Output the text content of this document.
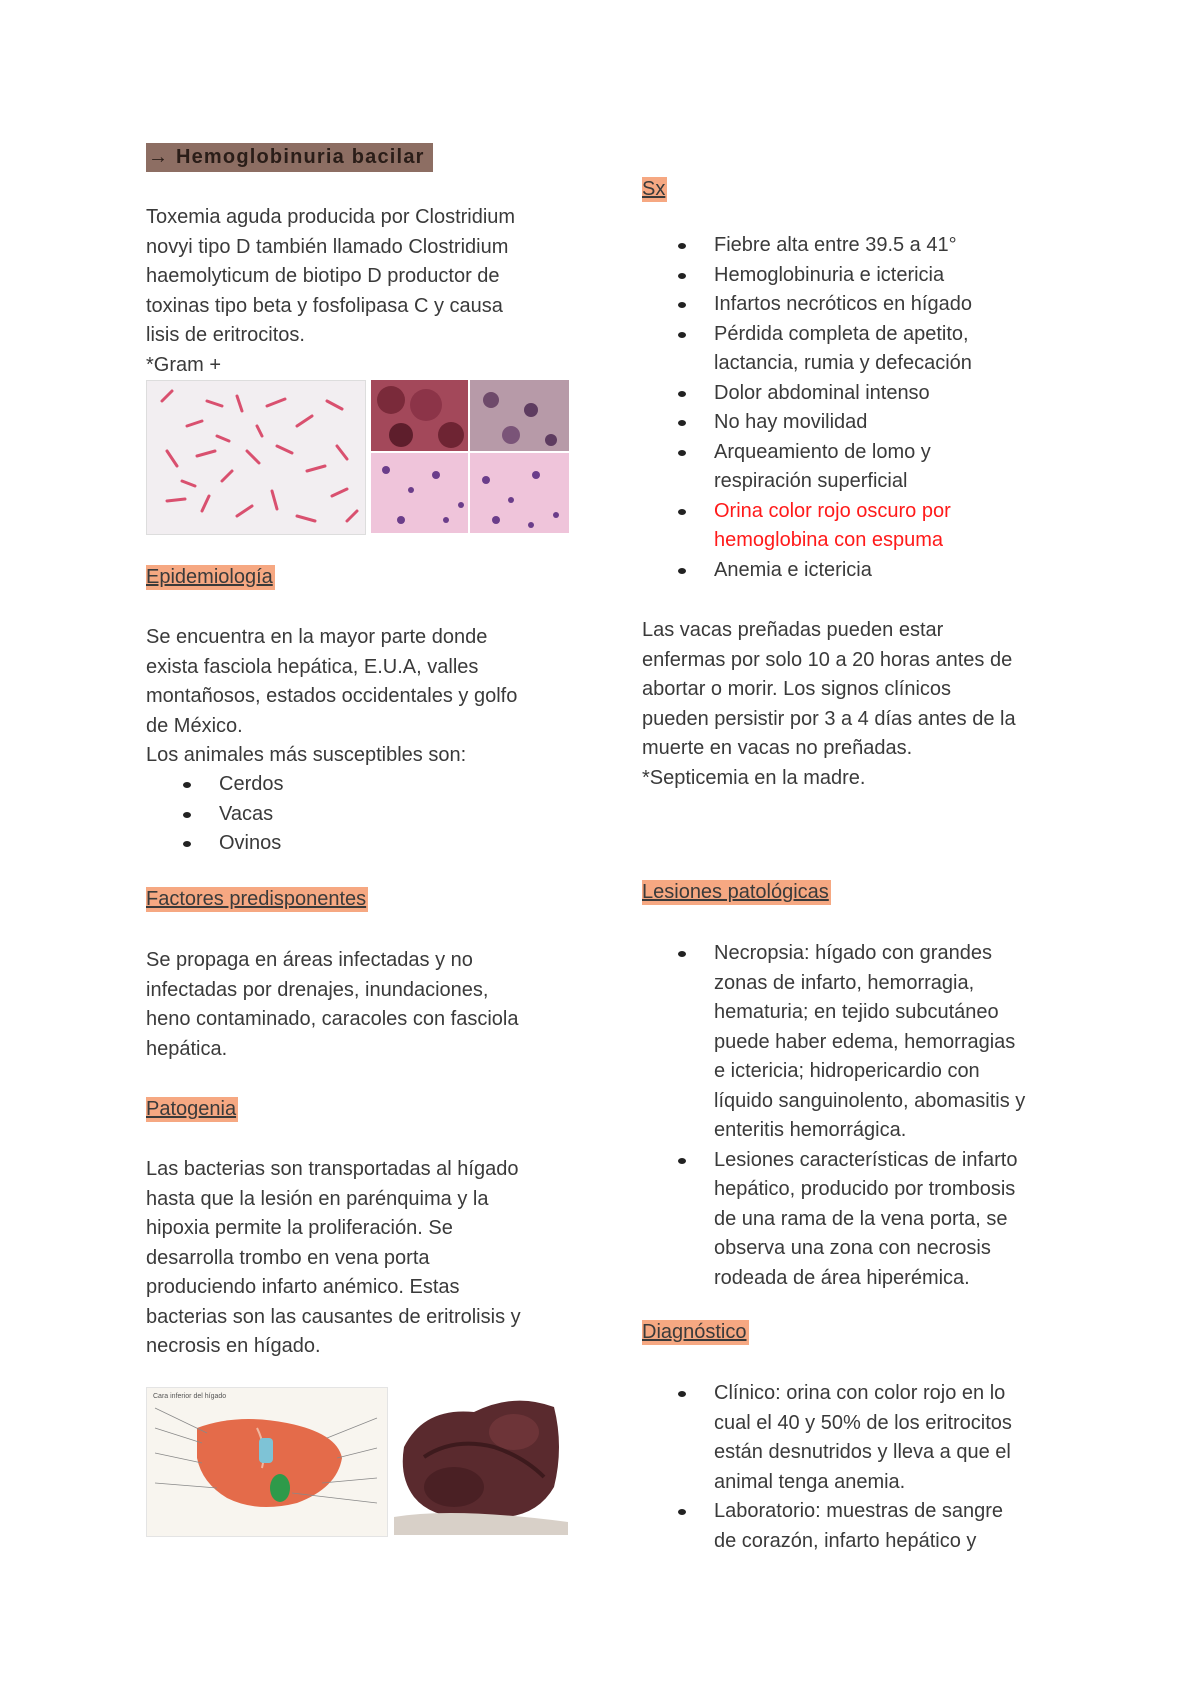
→ Hemoglobinuria bacilar
Toxemia aguda producida por Clostridium
novyi tipo D también llamado Clostridium
haemolyticum de biotipo D productor de
toxinas tipo beta y fosfolipasa C y causa
lisis de eritrocitos.
*Gram +
Epidemiología
Se encuentra en la mayor parte donde
exista fasciola hepática, E.U.A, valles
montañosos, estados occidentales y golfo
de México.
Los animales más susceptibles son:
Cerdos
Vacas
Ovinos
Factores predisponentes
Se propaga en áreas infectadas y no
infectadas por drenajes, inundaciones,
heno contaminado, caracoles con fasciola
hepática.
Patogenia
Las bacterias son transportadas al hígado
hasta que la lesión en parénquima y la
hipoxia permite la proliferación. Se
desarrolla trombo en vena porta
produciendo infarto anémico. Estas
bacterias son las causantes de eritrolisis y
necrosis en hígado.
Cara inferior del hígado
Sx
Fiebre alta entre 39.5 a 41°
Hemoglobinuria e ictericia
Infartos necróticos en hígado
Pérdida completa de apetito,
lactancia, rumia y defecación
Dolor abdominal intenso
No hay movilidad
Arqueamiento de lomo y
respiración superficial
Orina color rojo oscuro por
hemoglobina con espuma
Anemia e ictericia
Las vacas preñadas pueden estar
enfermas por solo 10 a 20 horas antes de
abortar o morir. Los signos clínicos
pueden persistir por 3 a 4 días antes de la
muerte en vacas no preñadas.
*Septicemia en la madre.
Lesiones patológicas
Necropsia: hígado con grandes
zonas de infarto, hemorragia,
hematuria; en tejido subcutáneo
puede haber edema, hemorragias
e ictericia; hidropericardio con
líquido sanguinolento, abomasitis y
enteritis hemorrágica.
Lesiones características de infarto
hepático, producido por trombosis
de una rama de la vena porta, se
observa una zona con necrosis
rodeada de área hiperémica.
Diagnóstico
Clínico: orina con color rojo en lo
cual el 40 y 50% de los eritrocitos
están desnutridos y lleva a que el
animal tenga anemia.
Laboratorio: muestras de sangre
de corazón, infarto hepático y
